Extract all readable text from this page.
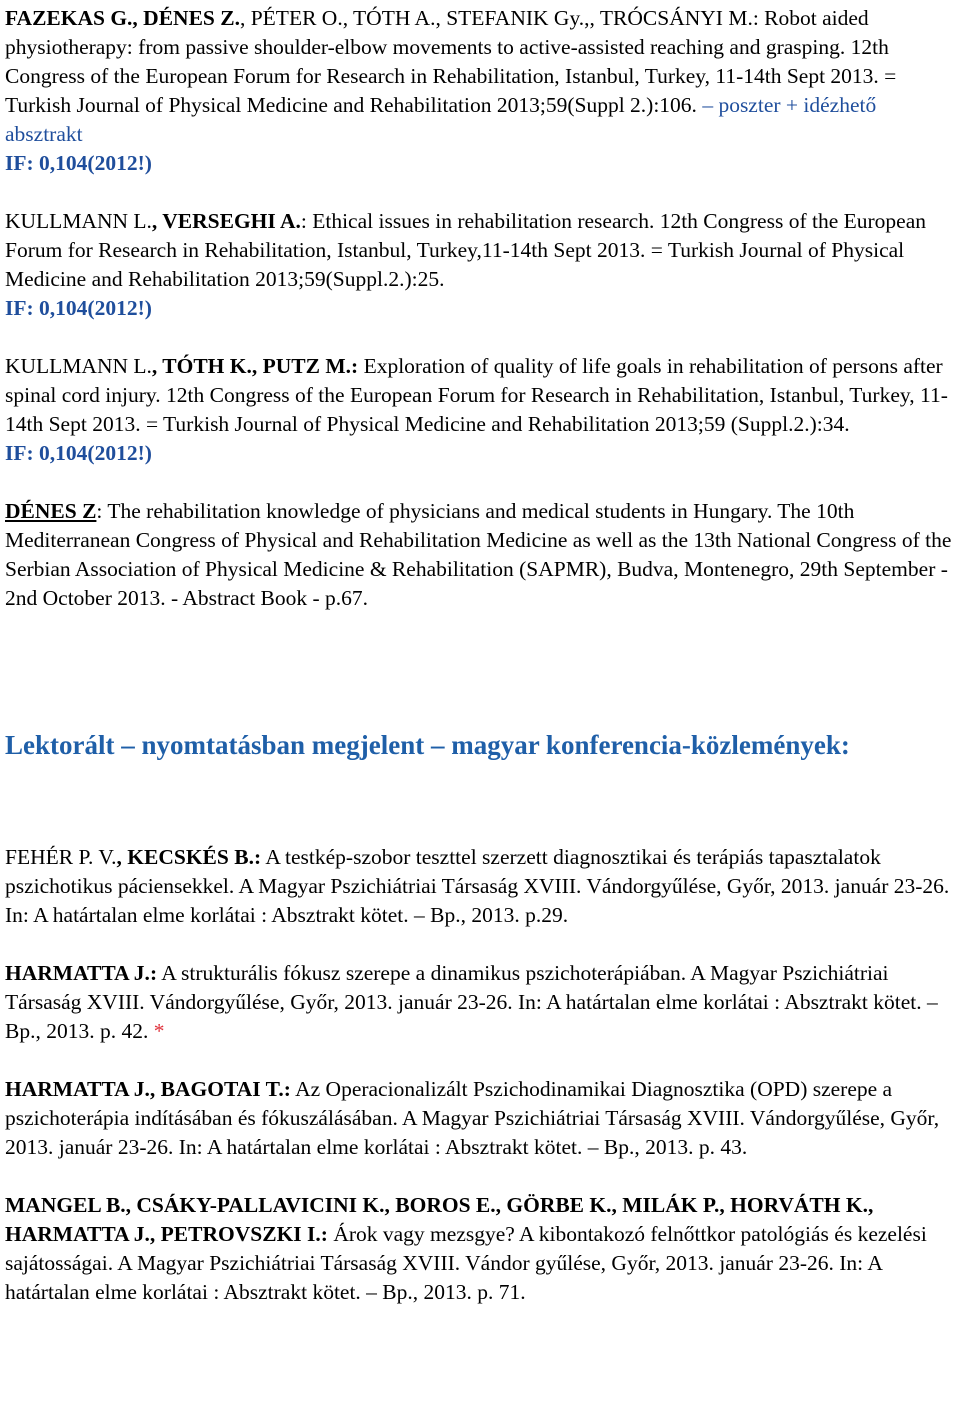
FAZEKAS G., DÉNES Z., PÉTER O., TÓTH A., STEFANIK Gy.,, TRÓCSÁNYI M.: Robot aided physiotherapy: from passive shoulder-elbow movements to active-assisted reaching and grasping. 12th Congress of the European Forum for Research in Rehabilitation, Istanbul, Turkey, 11-14th Sept 2013. = Turkish Journal of Physical Medicine and Rehabilitation 2013;59(Suppl 2.):106. – poszter + idézhető absztrakt
IF: 0,104(2012!)

KULLMANN L., VERSEGHI A.: Ethical issues in rehabilitation research. 12th Congress of the European Forum for Research in Rehabilitation, Istanbul, Turkey,11-14th Sept 2013. = Turkish Journal of Physical Medicine and Rehabilitation 2013;59(Suppl.2.):25.
IF: 0,104(2012!)

KULLMANN L., TÓTH K., PUTZ M.: Exploration of quality of life goals in rehabilitation of persons after spinal cord injury. 12th Congress of the European Forum for Research in Rehabilitation, Istanbul, Turkey, 11-14th Sept 2013. = Turkish Journal of Physical Medicine and Rehabilitation 2013;59 (Suppl.2.):34.
IF: 0,104(2012!)

DÉNES Z: The rehabilitation knowledge of physicians and medical students in Hungary. The 10th Mediterranean Congress of Physical and Rehabilitation Medicine as well as the 13th National Congress of the Serbian Association of Physical Medicine & Rehabilitation (SAPMR), Budva, Montenegro, 29th September - 2nd October 2013. - Abstract Book - p.67.

Lektorált – nyomtatásban megjelent – magyar konferencia-közlemények:

FEHÉR P. V., KECSKÉS B.: A testkép-szobor teszttel szerzett diagnosztikai és terápiás tapasztalatok pszichotikus páciensekkel. A Magyar Pszichiátriai Társaság XVIII. Vándorgyűlése, Győr, 2013. január 23-26. In: A határtalan elme korlátai : Absztrakt kötet. – Bp., 2013. p.29.

HARMATTA J.: A strukturális fókusz szerepe a dinamikus pszichoterápiában. A Magyar Pszichiátriai Társaság XVIII. Vándorgyűlése, Győr, 2013. január 23-26. In: A határtalan elme korlátai : Absztrakt kötet. – Bp., 2013. p. 42. *

HARMATTA J., BAGOTAI T.: Az Operacionalizált Pszichodinamikai Diagnosztika (OPD) szerepe a pszichoterápia indításában és fókuszálásában. A Magyar Pszichiátriai Társaság XVIII. Vándorgyűlése, Győr, 2013. január 23-26. In: A határtalan elme korlátai : Absztrakt kötet. – Bp., 2013. p. 43.

MANGEL B., CSÁKY-PALLAVICINI K., BOROS E., GÖRBE K., MILÁK P., HORVÁTH K., HARMATTA J., PETROVSZKI I.: Árok vagy mezsgye? A kibontakozó felnőttkor patológiás és kezelési sajátosságai. A Magyar Pszichiátriai Társaság XVIII. Vándor gyűlése, Győr, 2013. január 23-26. In: A határtalan elme korlátai : Absztrakt kötet. – Bp., 2013. p. 71.
